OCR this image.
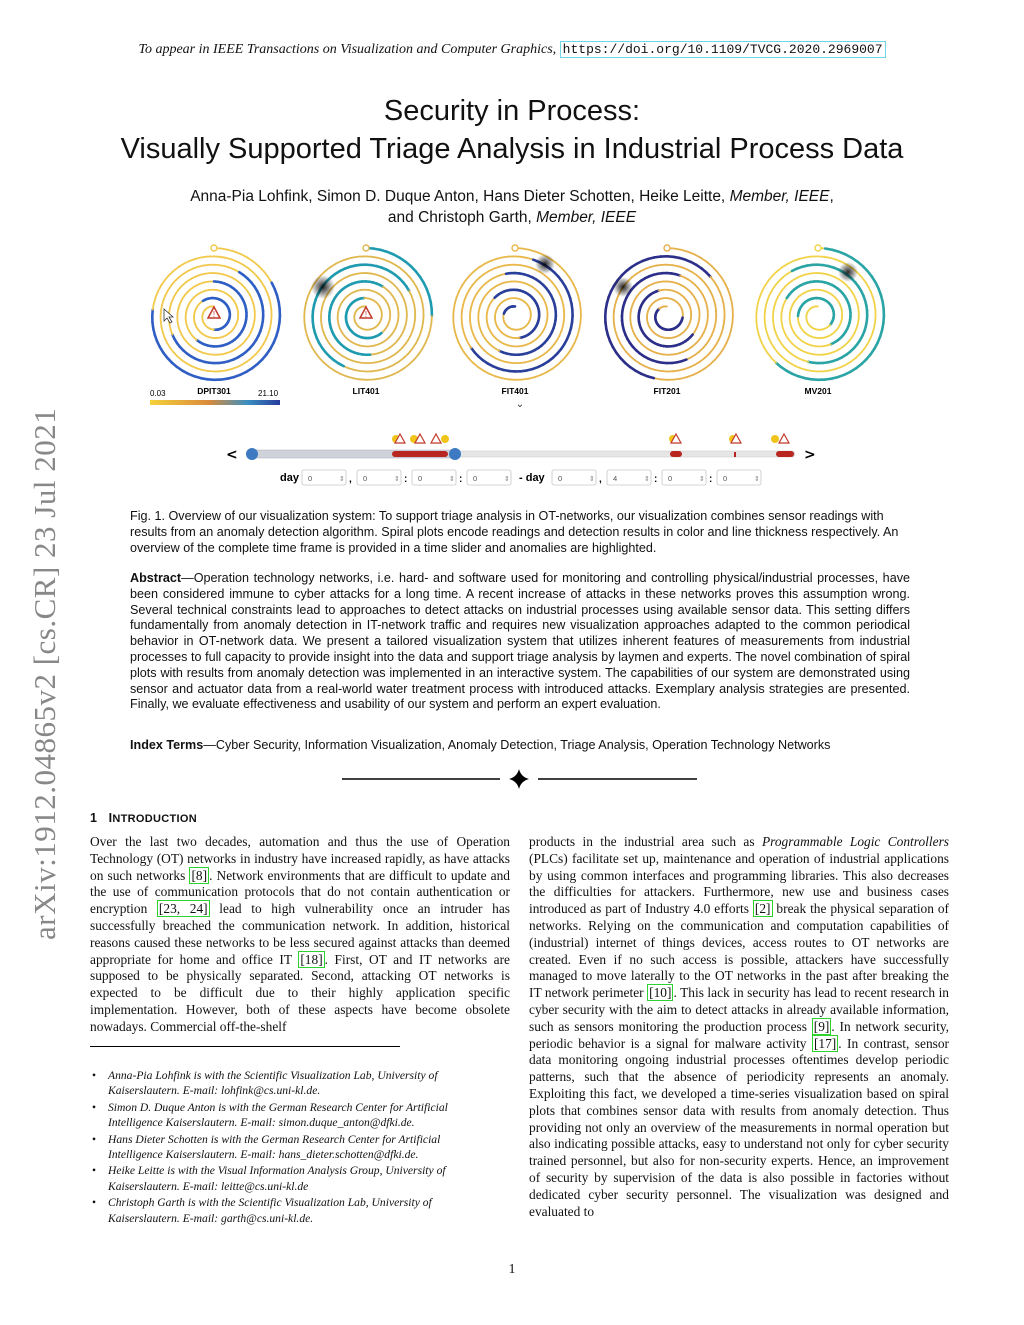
To appear in IEEE Transactions on Visualization and Computer Graphics, https://doi.org/10.1109/TVCG.2020.2969007
Security in Process:
Visually Supported Triage Analysis in Industrial Process Data
Anna-Pia Lohfink, Simon D. Duque Anton, Hans Dieter Schotten, Heike Leitte, Member, IEEE,
and Christoph Garth, Member, IEEE
arXiv:1912.04865v2 [cs.CR] 23 Jul 2021
!	!
0.03	21.10
DPIT301	LIT401	FIT401	FIT201	MV201
⌄
<	>
day 0	⇕ , 0	⇕ : 0	⇕ : 0	⇕ - day 0	⇕ , 4	⇕ : 0	⇕ : 0	⇕
Fig. 1. Overview of our visualization system: To support triage analysis in OT-networks, our visualization combines sensor readings with results from an anomaly detection algorithm. Spiral plots encode readings and detection results in color and line thickness respectively. An overview of the complete time frame is provided in a time slider and anomalies are highlighted.
Abstract—Operation technology networks, i.e. hard- and software used for monitoring and controlling physical/industrial processes, have been considered immune to cyber attacks for a long time. A recent increase of attacks in these networks proves this assumption wrong. Several technical constraints lead to approaches to detect attacks on industrial processes using available sensor data. This setting differs fundamentally from anomaly detection in IT-network traffic and requires new visualization approaches adapted to the common periodical behavior in OT-network data. We present a tailored visualization system that utilizes inherent features of measurements from industrial processes to full capacity to provide insight into the data and support triage analysis by laymen and experts. The novel combination of spiral plots with results from anomaly detection was implemented in an interactive system. The capabilities of our system are demonstrated using sensor and actuator data from a real-world water treatment process with introduced attacks. Exemplary analysis strategies are presented. Finally, we evaluate effectiveness and usability of our system and perform an expert evaluation.
Index Terms—Cyber Security, Information Visualization, Anomaly Detection, Triage Analysis, Operation Technology Networks
1 INTRODUCTION
Over the last two decades, automation and thus the use of Operation Technology (OT) networks in industry have increased rapidly, as have attacks on such networks [8] . Network environments that are difficult to update and the use of communication protocols that do not contain authentication or encryption [23, 24] lead to high vulnerability once an intruder has successfully breached the communication network. In addition, historical reasons caused these networks to be less secured against attacks than deemed appropriate for home and office IT [18] . First, OT and IT networks are supposed to be physically separated. Second, attacking OT networks is expected to be difficult due to their highly application specific implementation. However, both of these aspects have become obsolete nowadays. Commercial off-the-shelf
products in the industrial area such as Programmable Logic Controllers (PLCs) facilitate set up, maintenance and operation of industrial applications by using common interfaces and programming libraries. This also decreases the difficulties for attackers. Furthermore, new use and business cases introduced as part of Industry 4.0 efforts [2] break the physical separation of networks. Relying on the communication and computation capabilities of (industrial) internet of things devices, access routes to OT networks are created. Even if no such access is possible, attackers have successfully managed to move laterally to the OT networks in the past after breaking the IT network perimeter [10] . This lack in security has lead to recent research in cyber security with the aim to detect attacks in already available information, such as sensors monitoring the production process [9] . In network security, periodic behavior is a signal for malware activity [17] . In contrast, sensor data monitoring ongoing industrial processes oftentimes develop periodic patterns, such that the absence of periodicity represents an anomaly. Exploiting this fact, we developed a time-series visualization based on spiral plots that combines sensor data with results from anomaly detection. Thus providing not only an overview of the measurements in normal operation but also indicating possible attacks, easy to understand not only for cyber security trained personnel, but also for non-security experts. Hence, an improvement of security by supervision of the data is also possible in factories without dedicated cyber security personnel. The visualization was designed and evaluated to
• Anna-Pia Lohfink is with the Scientific Visualization Lab, University of
Kaiserslautern. E-mail: lohfink@cs.uni-kl.de.
• Simon D. Duque Anton is with the German Research Center for Artificial
Intelligence Kaiserslautern. E-mail: simon.duque_anton@dfki.de.
• Hans Dieter Schotten is with the German Research Center for Artificial
Intelligence Kaiserslautern. E-mail: hans_dieter.schotten@dfki.de.
• Heike Leitte is with the Visual Information Analysis Group, University of
Kaiserslautern. E-mail: leitte@cs.uni-kl.de
• Christoph Garth is with the Scientific Visualization Lab, University of
Kaiserslautern. E-mail: garth@cs.uni-kl.de.
1
